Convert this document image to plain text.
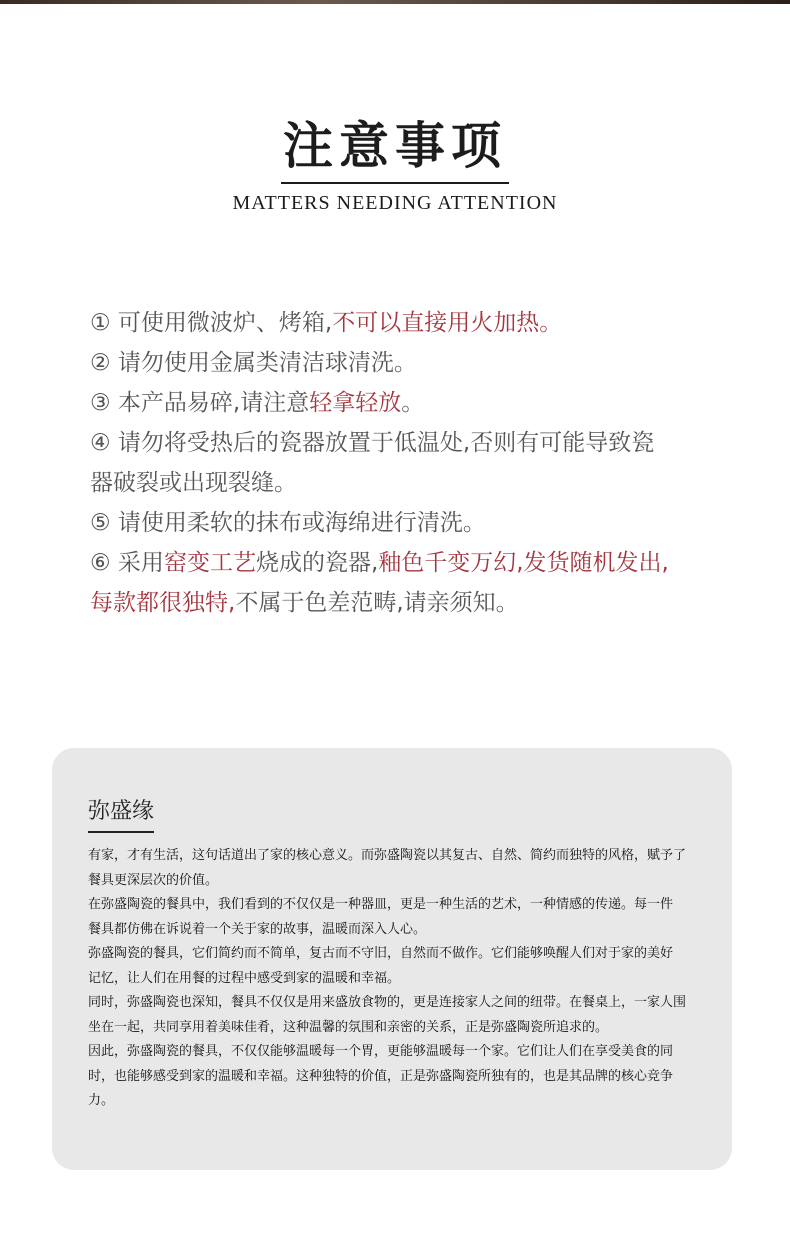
注意事项
MATTERS NEEDING ATTENTION
① 可使用微波炉、烤箱,不可以直接用火加热。
② 请勿使用金属类清洁球清洗。
③ 本产品易碎,请注意轻拿轻放。
④ 请勿将受热后的瓷器放置于低温处,否则有可能导致瓷
器破裂或出现裂缝。
⑤ 请使用柔软的抹布或海绵进行清洗。
⑥ 采用窑变工艺烧成的瓷器,釉色千变万幻,发货随机发出,
每款都很独特,不属于色差范畴,请亲须知。
弥盛缘
有家，才有生活，这句话道出了家的核心意义。而弥盛陶瓷以其复古、自然、简约而独特的风格，赋予了
餐具更深层次的价值。
在弥盛陶瓷的餐具中，我们看到的不仅仅是一种器皿，更是一种生活的艺术，一种情感的传递。每一件
餐具都仿佛在诉说着一个关于家的故事，温暖而深入人心。
弥盛陶瓷的餐具，它们简约而不简单，复古而不守旧，自然而不做作。它们能够唤醒人们对于家的美好
记忆，让人们在用餐的过程中感受到家的温暖和幸福。
同时，弥盛陶瓷也深知，餐具不仅仅是用来盛放食物的，更是连接家人之间的纽带。在餐桌上，一家人围
坐在一起，共同享用着美味佳肴，这种温馨的氛围和亲密的关系，正是弥盛陶瓷所追求的。
因此，弥盛陶瓷的餐具，不仅仅能够温暖每一个胃，更能够温暖每一个家。它们让人们在享受美食的同
时，也能够感受到家的温暖和幸福。这种独特的价值，正是弥盛陶瓷所独有的，也是其品牌的核心竞争
力。
